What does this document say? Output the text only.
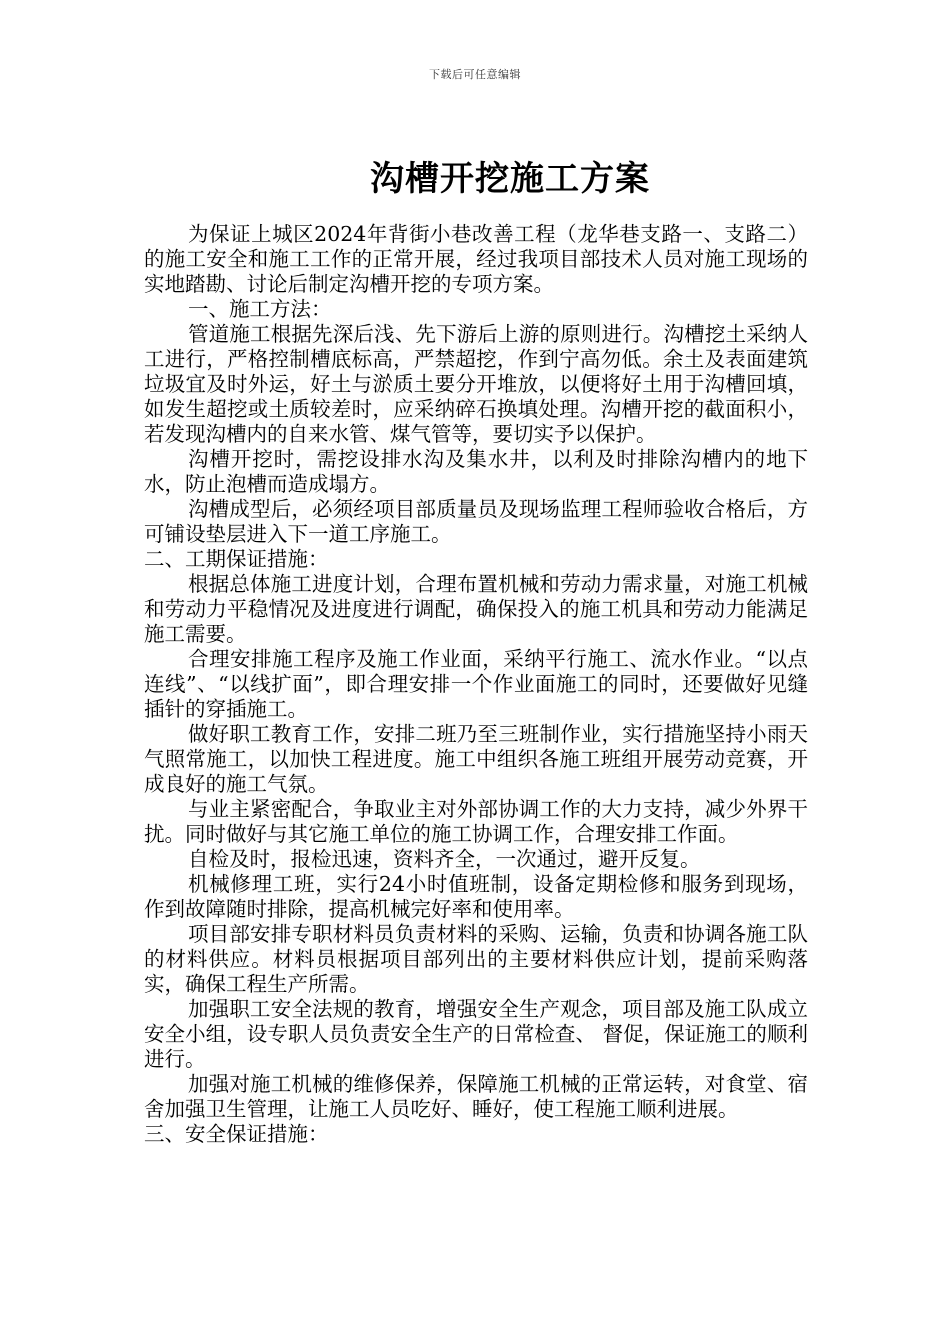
下载后可任意编辑
沟槽开挖施工方案

为保证上城区2024年背街小巷改善工程（龙华巷支路一、支路二）的施工安全和施工工作的正常开展，经过我项目部技术人员对施工现场的实地踏勘、讨论后制定沟槽开挖的专项方案。

一、施工方法：

管道施工根据先深后浅、先下游后上游的原则进行。沟槽挖土采纳人工进行，严格控制槽底标高，严禁超挖，作到宁高勿低。余土及表面建筑垃圾宜及时外运，好土与淤质土要分开堆放，以便将好土用于沟槽回填，如发生超挖或土质较差时，应采纳碎石换填处理。沟槽开挖的截面积小，若发现沟槽内的自来水管、煤气管等，要切实予以保护。

沟槽开挖时，需挖设排水沟及集水井，以利及时排除沟槽内的地下水，防止泡槽而造成塌方。

沟槽成型后，必须经项目部质量员及现场监理工程师验收合格后，方可铺设垫层进入下一道工序施工。

二、工期保证措施：

根据总体施工进度计划，合理布置机械和劳动力需求量，对施工机械和劳动力平稳情况及进度进行调配，确保投入的施工机具和劳动力能满足施工需要。

合理安排施工程序及施工作业面，采纳平行施工、流水作业。“以点连线”、“以线扩面”，即合理安排一个作业面施工的同时，还要做好见缝插针的穿插施工。

做好职工教育工作，安排二班乃至三班制作业，实行措施坚持小雨天气照常施工，以加快工程进度。施工中组织各施工班组开展劳动竞赛，开成良好的施工气氛。

与业主紧密配合，争取业主对外部协调工作的大力支持，减少外界干扰。同时做好与其它施工单位的施工协调工作，合理安排工作面。

自检及时，报检迅速，资料齐全，一次通过，避开反复。

机械修理工班，实行24小时值班制，设备定期检修和服务到现场，作到故障随时排除，提高机械完好率和使用率。

项目部安排专职材料员负责材料的采购、运输，负责和协调各施工队的材料供应。材料员根据项目部列出的主要材料供应计划，提前采购落实，确保工程生产所需。

加强职工安全法规的教育，增强安全生产观念，项目部及施工队成立安全小组，设专职人员负责安全生产的日常检查、 督促，保证施工的顺利进行。

加强对施工机械的维修保养，保障施工机械的正常运转，对食堂、宿舍加强卫生管理，让施工人员吃好、睡好，使工程施工顺利进展。

三、安全保证措施：
